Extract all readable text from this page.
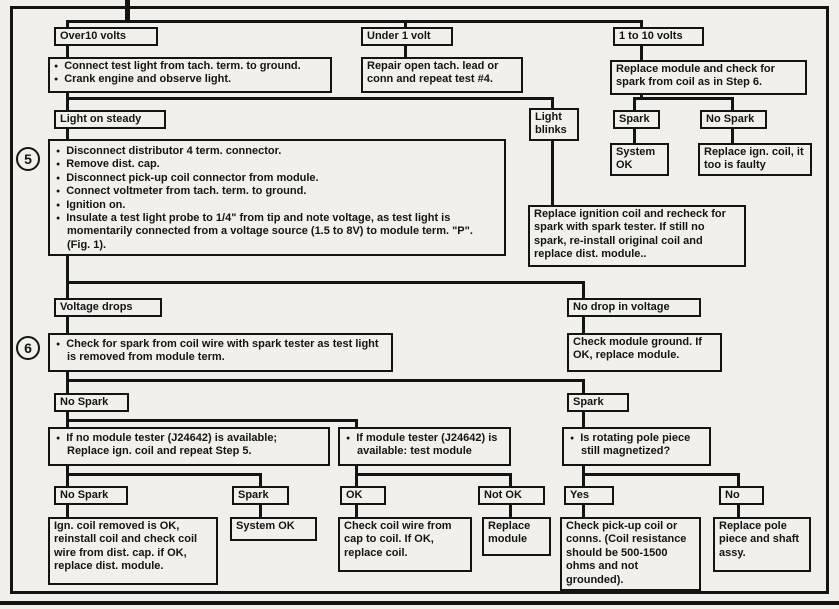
Over10 volts	Under 1 volt	1 to 10 volts
● Connect test light from tach. term. to ground.
● Crank engine and observe light.
Repair open tach. lead or conn and repeat test #4.
Replace module and check for spark from coil as in Step 6.
Light on steady	Light blinks
Spark	No Spark
System OK
Replace ign. coil, it too is faulty
5	● Disconnect distributor 4 term. connector.
● Remove dist. cap.
● Disconnect pick-up coil connector from module.
● Connect voltmeter from tach. term. to ground.
● Ignition on.
● Insulate a test light probe to 1/4" from tip and note voltage, as test light is momentarily connected from a voltage source (1.5 to 8V) to module term. "P". (Fig. 1).
Replace ignition coil and recheck for spark with spark tester. If still no spark, re-install original coil and replace dist. module..
Voltage drops	No drop in voltage
6	● Check for spark from coil wire with spark tester as test light is removed from module term.
Check module ground. If OK, replace module.
No Spark	Spark
● If no module tester (J24642) is available; Replace ign. coil and repeat Step 5.
● If module tester (J24642) is available: test module
● Is rotating pole piece still magnetized?
No Spark	Spark	OK	Not OK	Yes	No
Ign. coil removed is OK, reinstall coil and check coil wire from dist. cap. if OK, replace dist. module.
System OK	Check coil wire from cap to coil. If OK, replace coil.
Replace module
Check pick-up coil or conns. (Coil resistance should be 500-1500 ohms and not grounded).
Replace pole piece and shaft assy.
